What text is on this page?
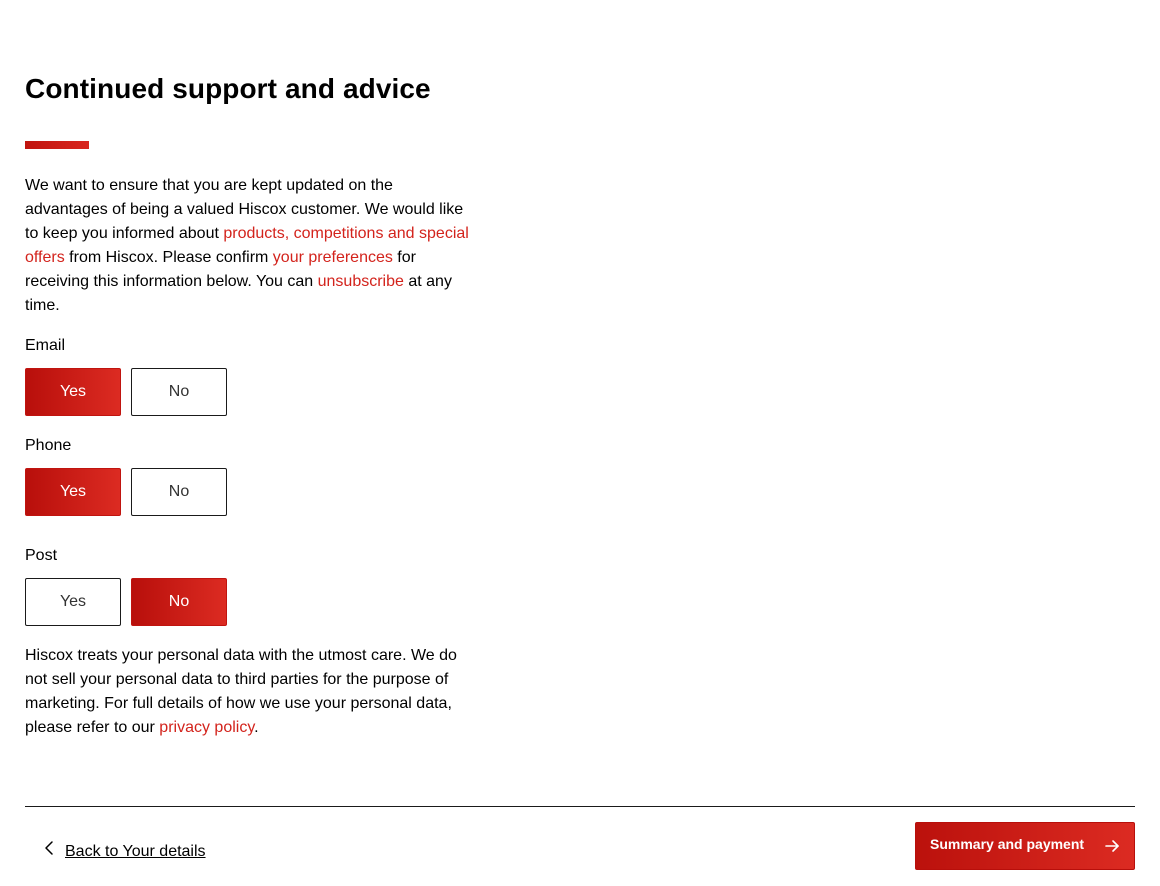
Continued support and advice

We want to ensure that you are kept updated on the advantages of being a valued Hiscox customer. We would like to keep you informed about products, competitions and special offers from Hiscox. Please confirm your preferences for receiving this information below. You can unsubscribe at any time.

Email

Yes	No

Phone

Yes	No

Post

Yes	No

Hiscox treats your personal data with the utmost care. We do not sell your personal data to third parties for the purpose of marketing. For full details of how we use your personal data, please refer to our privacy policy.

Back to Your details	Summary and payment
